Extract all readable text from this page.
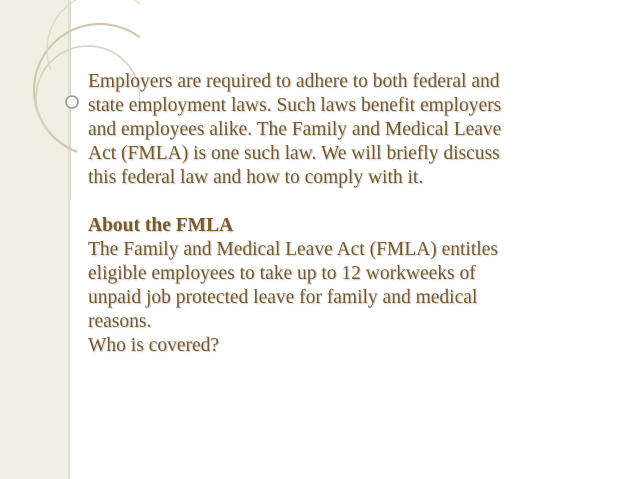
Employers are required to adhere to both federal and
state employment laws. Such laws benefit employers
and employees alike. The Family and Medical Leave
Act (FMLA) is one such law. We will briefly discuss
this federal law and how to comply with it.

About the FMLA
The Family and Medical Leave Act (FMLA) entitles
eligible employees to take up to 12 workweeks of
unpaid job protected leave for family and medical
reasons.
Who is covered?
